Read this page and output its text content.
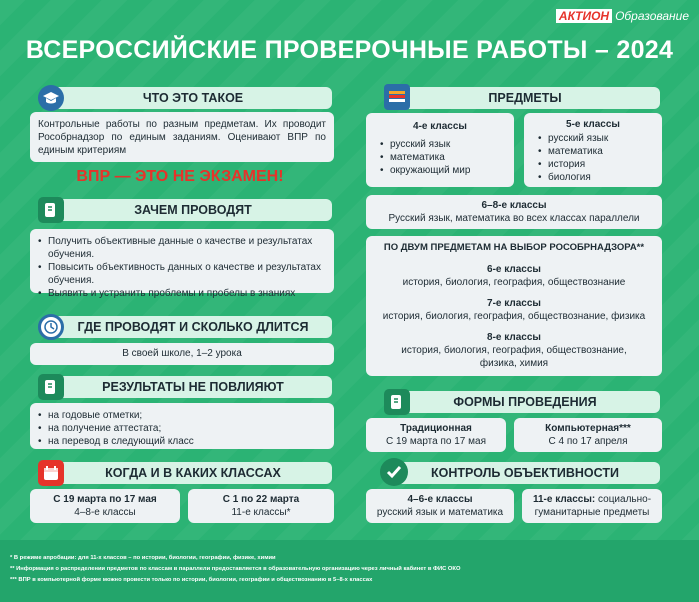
АКТИОН Образование
ВСЕРОССИЙСКИЕ ПРОВЕРОЧНЫЕ РАБОТЫ – 2024
ЧТО ЭТО ТАКОЕ
Контрольные работы по разным предметам. Их проводит Рособрнадзор по единым заданиям. Оценивают ВПР по единым критериям
ВПР — ЭТО НЕ ЭКЗАМЕН!
ЗАЧЕМ ПРОВОДЯТ
• Получить объективные данные о качестве и результатах обучения.
• Повысить объективность данных о качестве и результатах обучения.
• Выявить и устранить проблемы и пробелы в знаниях
ГДЕ ПРОВОДЯТ И СКОЛЬКО ДЛИТСЯ
В своей школе, 1–2 урока
РЕЗУЛЬТАТЫ НЕ ПОВЛИЯЮТ
• на годовые отметки;
• на получение аттестата;
• на перевод в следующий класс
КОГДА И В КАКИХ КЛАССАХ
С 19 марта по 17 мая
4–8-е классы
С 1 по 22 марта
11-е классы*
ПРЕДМЕТЫ
4-е классы
• русский язык
• математика
• окружающий мир
5-е классы
• русский язык
• математика
• история
• биология
6–8-е классы
Русский язык, математика во всех классах параллели
ПО ДВУМ ПРЕДМЕТАМ НА ВЫБОР РОСОБРНАДЗОРА**
6-е классы
история, биология, география, обществознание
7-е классы
история, биология, география, обществознание, физика
8-е классы
история, биология, география, обществознание, физика, химия
ФОРМЫ ПРОВЕДЕНИЯ
Традиционная
С 19 марта по 17 мая
Компьютерная***
С 4 по 17 апреля
КОНТРОЛЬ ОБЪЕКТИВНОСТИ
4–6-е классы
русский язык и математика
11-е классы: социально-гуманитарные предметы
* В режиме апробации: для 11-х классов – по истории, биологии, географии, физике, химии
** Информация о распределении предметов по классам в параллели предоставляется в образовательную организацию через личный кабинет в ФИС ОКО
*** ВПР в компьютерной форме можно провести только по истории, биологии, географии и обществознанию в 5–8-х классах
